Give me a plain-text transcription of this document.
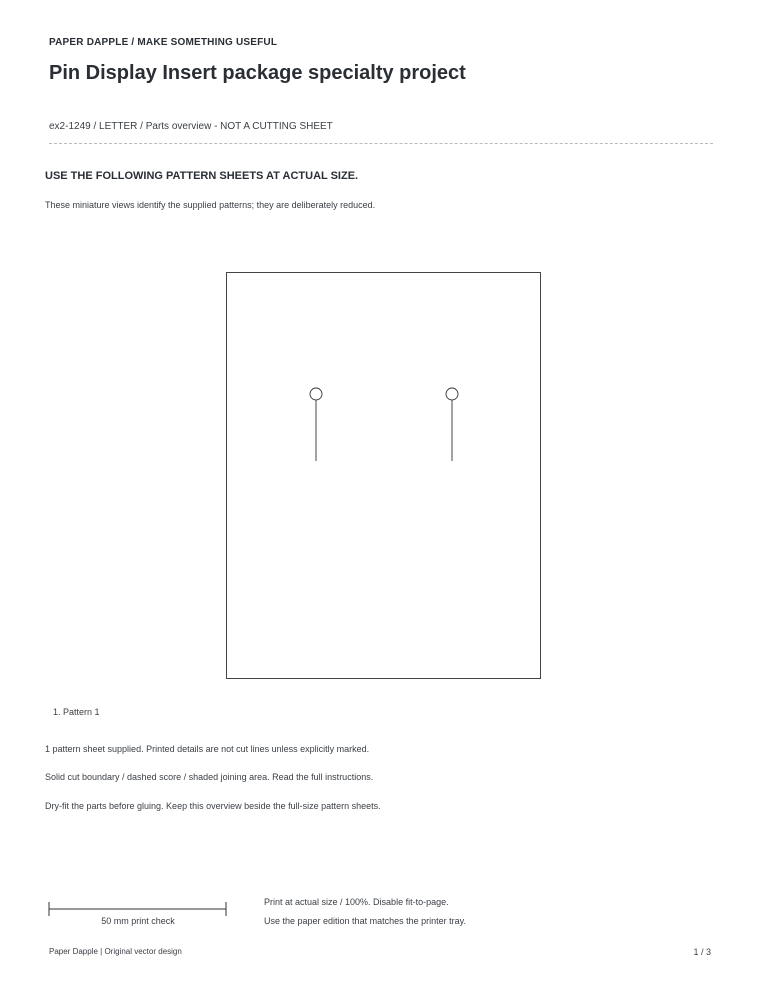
PAPER DAPPLE / MAKE SOMETHING USEFUL
Pin Display Insert package specialty project
ex2-1249 / LETTER / Parts overview - NOT A CUTTING SHEET
USE THE FOLLOWING PATTERN SHEETS AT ACTUAL SIZE.
These miniature views identify the supplied patterns; they are deliberately reduced.
1. Pattern 1
1 pattern sheet supplied. Printed details are not cut lines unless explicitly marked.
Solid cut boundary / dashed score / shaded joining area. Read the full instructions.
Dry-fit the parts before gluing. Keep this overview beside the full-size pattern sheets.
50 mm print check
Print at actual size / 100%. Disable fit-to-page.
Use the paper edition that matches the printer tray.
Paper Dapple | Original vector design	1 / 3
